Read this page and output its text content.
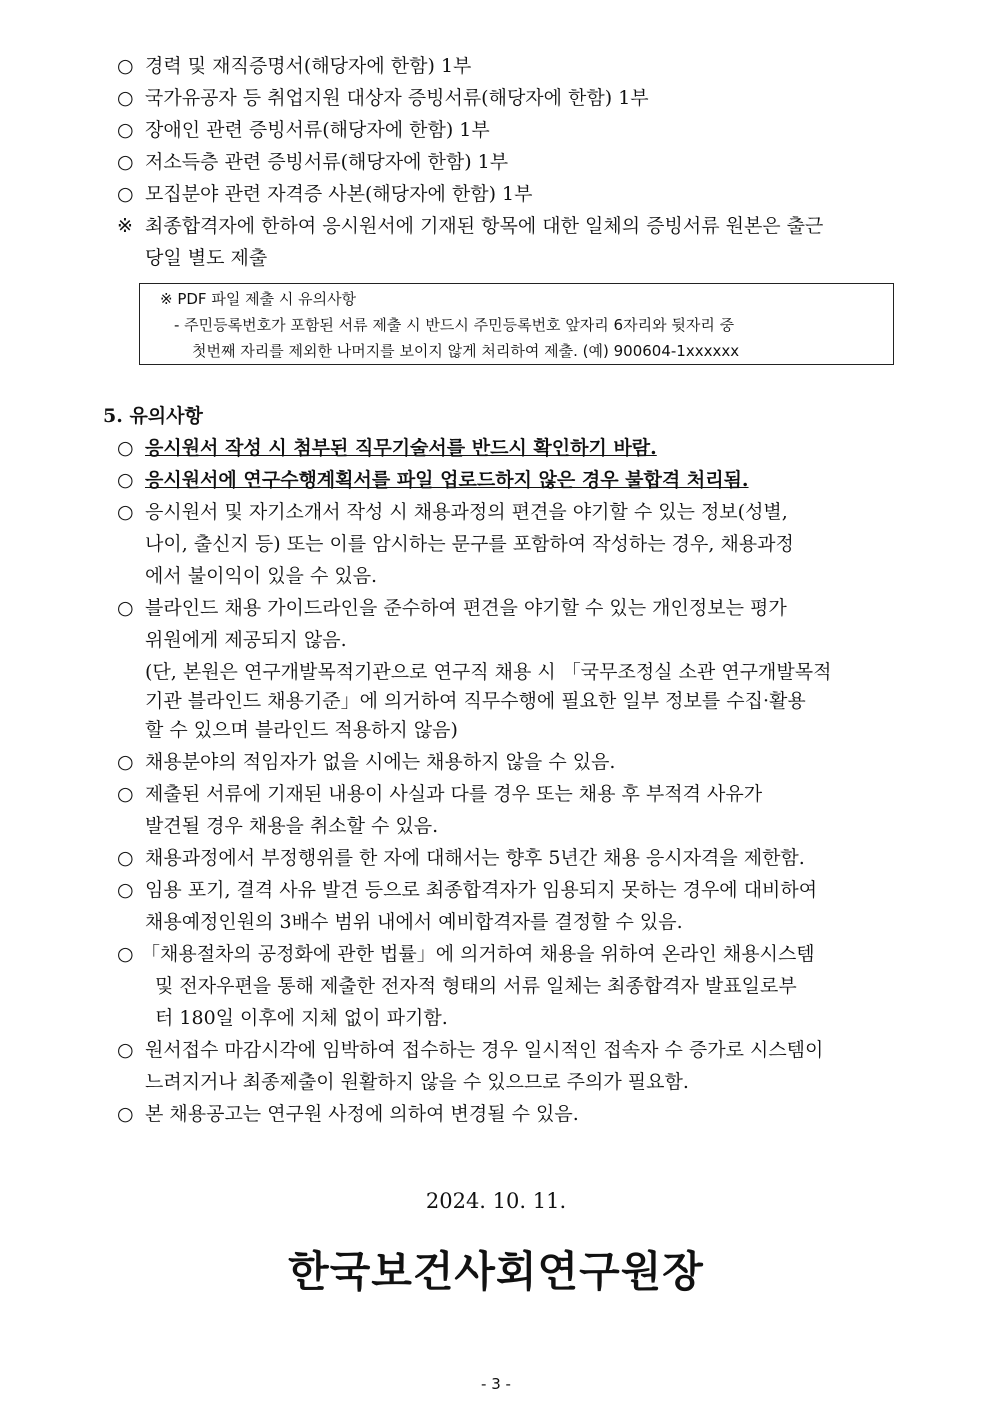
○ 경력 및 재직증명서(해당자에 한함) 1부
○ 국가유공자 등 취업지원 대상자 증빙서류(해당자에 한함) 1부
○ 장애인 관련 증빙서류(해당자에 한함) 1부
○ 저소득층 관련 증빙서류(해당자에 한함) 1부
○ 모집분야 관련 자격증 사본(해당자에 한함) 1부
※ 최종합격자에 한하여 응시원서에 기재된 항목에 대한 일체의 증빙서류 원본은 출근
당일 별도 제출
※ PDF 파일 제출 시 유의사항
- 주민등록번호가 포함된 서류 제출 시 반드시 주민등록번호 앞자리 6자리와 뒷자리 중
첫번째 자리를 제외한 나머지를 보이지 않게 처리하여 제출. (예) 900604-1xxxxxx
5. 유의사항
○ 응시원서 작성 시 첨부된 직무기술서를 반드시 확인하기 바람.
○ 응시원서에 연구수행계획서를 파일 업로드하지 않은 경우 불합격 처리됨.
○ 응시원서 및 자기소개서 작성 시 채용과정의 편견을 야기할 수 있는 정보(성별,
나이, 출신지 등) 또는 이를 암시하는 문구를 포함하여 작성하는 경우, 채용과정
에서 불이익이 있을 수 있음.
○ 블라인드 채용 가이드라인을 준수하여 편견을 야기할 수 있는 개인정보는 평가
위원에게 제공되지 않음.
(단, 본원은 연구개발목적기관으로 연구직 채용 시 「국무조정실 소관 연구개발목적
기관 블라인드 채용기준」에 의거하여 직무수행에 필요한 일부 정보를 수집·활용
할 수 있으며 블라인드 적용하지 않음)
○ 채용분야의 적임자가 없을 시에는 채용하지 않을 수 있음.
○ 제출된 서류에 기재된 내용이 사실과 다를 경우 또는 채용 후 부적격 사유가
발견될 경우 채용을 취소할 수 있음.
○ 채용과정에서 부정행위를 한 자에 대해서는 향후 5년간 채용 응시자격을 제한함.
○ 임용 포기, 결격 사유 발견 등으로 최종합격자가 임용되지 못하는 경우에 대비하여
채용예정인원의 3배수 범위 내에서 예비합격자를 결정할 수 있음.
○ 「채용절차의 공정화에 관한 법률」에 의거하여 채용을 위하여 온라인 채용시스템
및 전자우편을 통해 제출한 전자적 형태의 서류 일체는 최종합격자 발표일로부
터 180일 이후에 지체 없이 파기함.
○ 원서접수 마감시각에 임박하여 접수하는 경우 일시적인 접속자 수 증가로 시스템이
느려지거나 최종제출이 원활하지 않을 수 있으므로 주의가 필요함.
○ 본 채용공고는 연구원 사정에 의하여 변경될 수 있음.
2024. 10. 11.
한국보건사회연구원장
- 3 -
